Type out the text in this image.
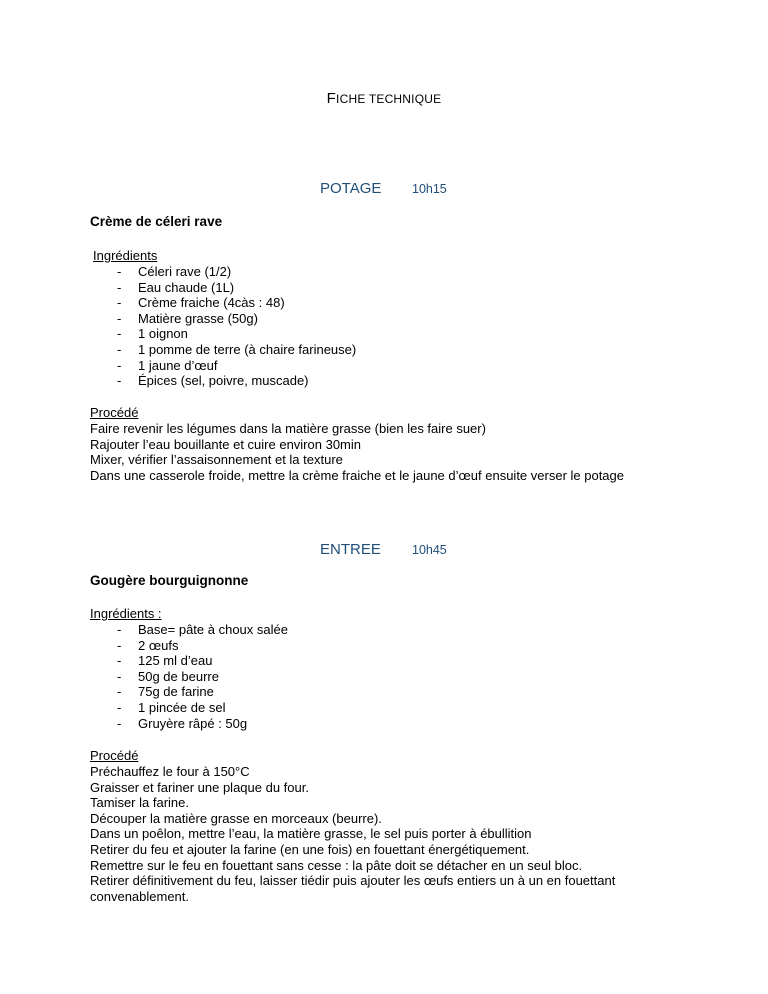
FICHE TECHNIQUE
POTAGE 10h15
Crème de céleri rave
Ingrédients
- Céleri rave (1/2)
- Eau chaude (1L)
- Crème fraiche (4càs : 48)
- Matière grasse (50g)
- 1 oignon
- 1 pomme de terre (à chaire farineuse)
- 1 jaune d’œuf
- Épices (sel, poivre, muscade)
Procédé
Faire revenir les légumes dans la matière grasse (bien les faire suer)
Rajouter l’eau bouillante et cuire environ 30min
Mixer, vérifier l’assaisonnement et la texture
Dans une casserole froide, mettre la crème fraiche et le jaune d’œuf ensuite verser le potage
ENTREE 10h45
Gougère bourguignonne
Ingrédients :
- Base= pâte à choux salée
- 2 œufs
- 125 ml d’eau
- 50g de beurre
- 75g de farine
- 1 pincée de sel
- Gruyère râpé : 50g
Procédé
Préchauffez le four à 150°C
Graisser et fariner une plaque du four.
Tamiser la farine.
Découper la matière grasse en morceaux (beurre).
Dans un poêlon, mettre l’eau, la matière grasse, le sel puis porter à ébullition
Retirer du feu et ajouter la farine (en une fois) en fouettant énergétiquement.
Remettre sur le feu en fouettant sans cesse : la pâte doit se détacher en un seul bloc.
Retirer définitivement du feu, laisser tiédir puis ajouter les œufs entiers un à un en fouettant
convenablement.
